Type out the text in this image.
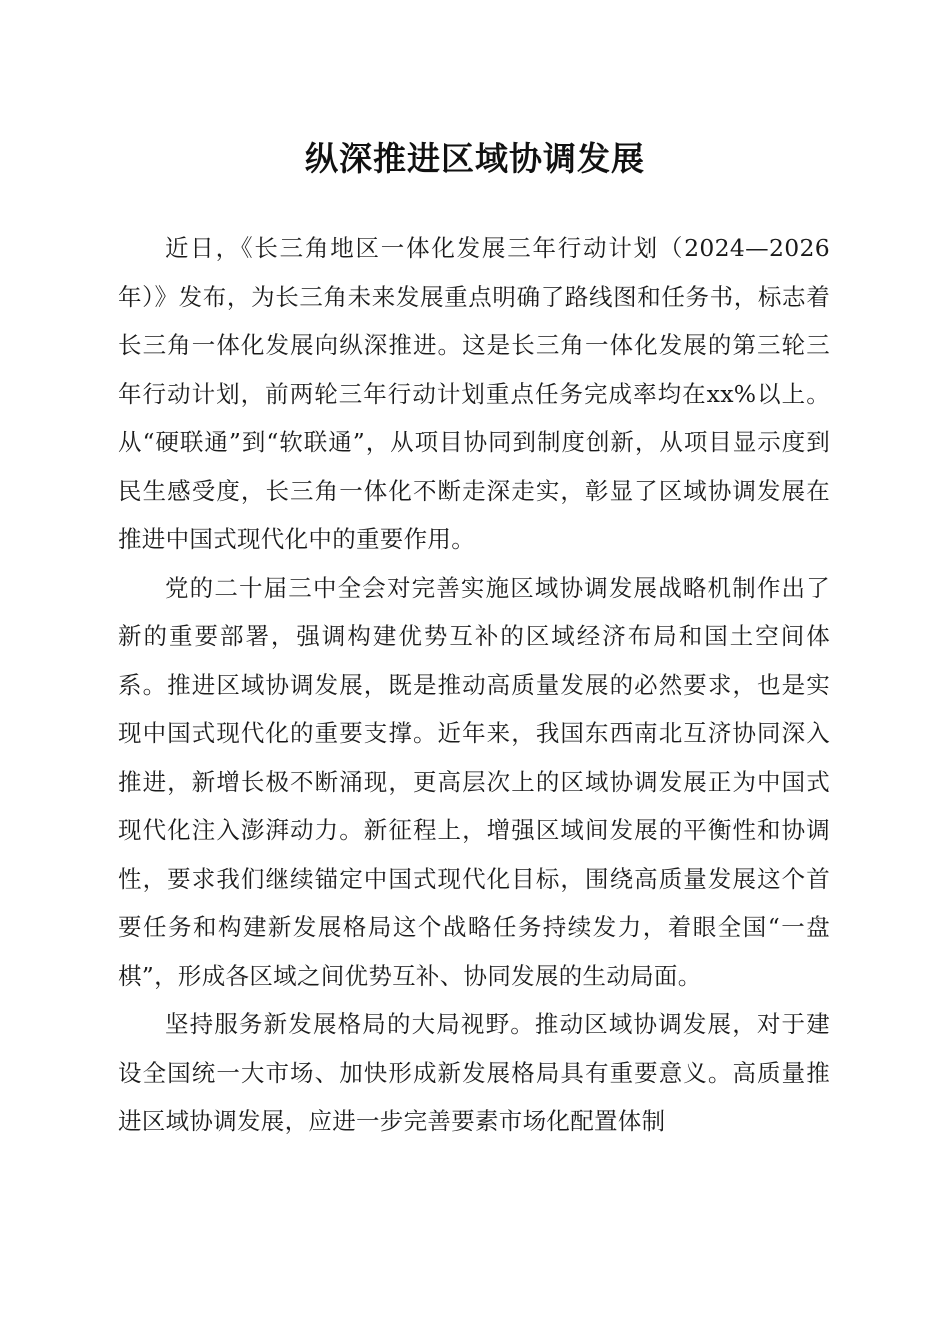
纵深推进区域协调发展

近日，《长三角地区一体化发展三年行动计划（2024—2026年）》发布，为长三角未来发展重点明确了路线图和任务书，标志着长三角一体化发展向纵深推进。这是长三角一体化发展的第三轮三年行动计划，前两轮三年行动计划重点任务完成率均在xx%以上。从“硬联通”到“软联通”，从项目协同到制度创新，从项目显示度到民生感受度，长三角一体化不断走深走实，彰显了区域协调发展在推进中国式现代化中的重要作用。

党的二十届三中全会对完善实施区域协调发展战略机制作出了新的重要部署，强调构建优势互补的区域经济布局和国土空间体系。推进区域协调发展，既是推动高质量发展的必然要求，也是实现中国式现代化的重要支撑。近年来，我国东西南北互济协同深入推进，新增长极不断涌现，更高层次上的区域协调发展正为中国式现代化注入澎湃动力。新征程上，增强区域间发展的平衡性和协调性，要求我们继续锚定中国式现代化目标，围绕高质量发展这个首要任务和构建新发展格局这个战略任务持续发力，着眼全国“一盘棋”，形成各区域之间优势互补、协同发展的生动局面。

坚持服务新发展格局的大局视野。推动区域协调发展，对于建设全国统一大市场、加快形成新发展格局具有重要意义。高质量推进区域协调发展，应进一步完善要素市场化配置体制
